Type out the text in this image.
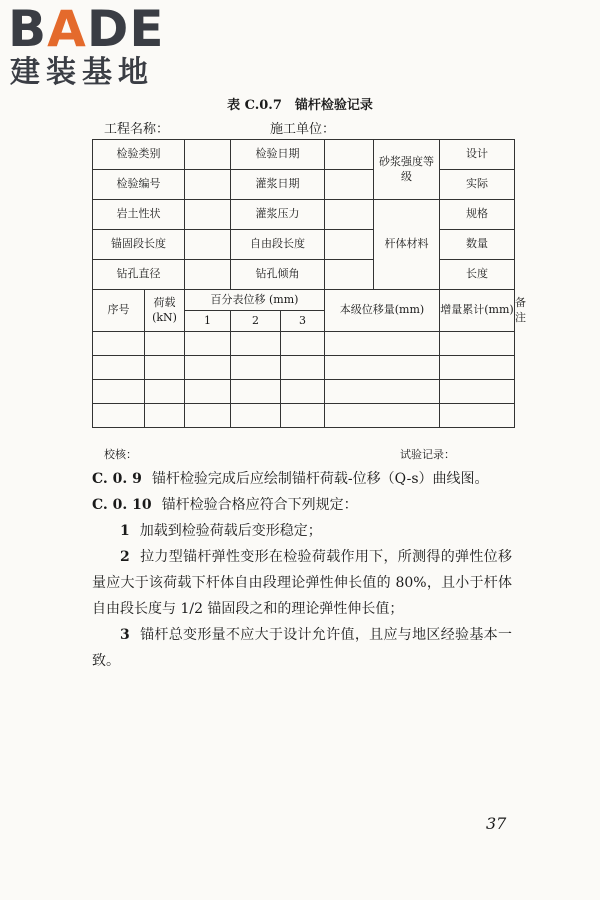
BADE
建装基地
表 C.0.7　锚杆检验记录
工程名称：	施工单位：
检验类别			检验日期			砂浆强度等级	设计	
检验编号			灌浆日期				实际	
岩土性状			灌浆压力			杆体材料	规格	
锚固段长度			自由段长度				数量	
钻孔直径			钻孔倾角				长度	
序号	荷载(kN)	百分表位移 (mm)			本级位移量(mm)		增量累计(mm)	备注
		1	2	3				

校核：	试验记录：
C. 0. 9 锚杆检验完成后应绘制锚杆荷载-位移（Q-s）曲线图。
C. 0. 10 锚杆检验合格应符合下列规定：
1 加载到检验荷载后变形稳定；
2 拉力型锚杆弹性变形在检验荷载作用下，所测得的弹性位移量应大于该荷载下杆体自由段理论弹性伸长值的 80%，且小于杆体自由段长度与 1/2 锚固段之和的理论弹性伸长值；
3 锚杆总变形量不应大于设计允许值，且应与地区经验基本一致。
37
